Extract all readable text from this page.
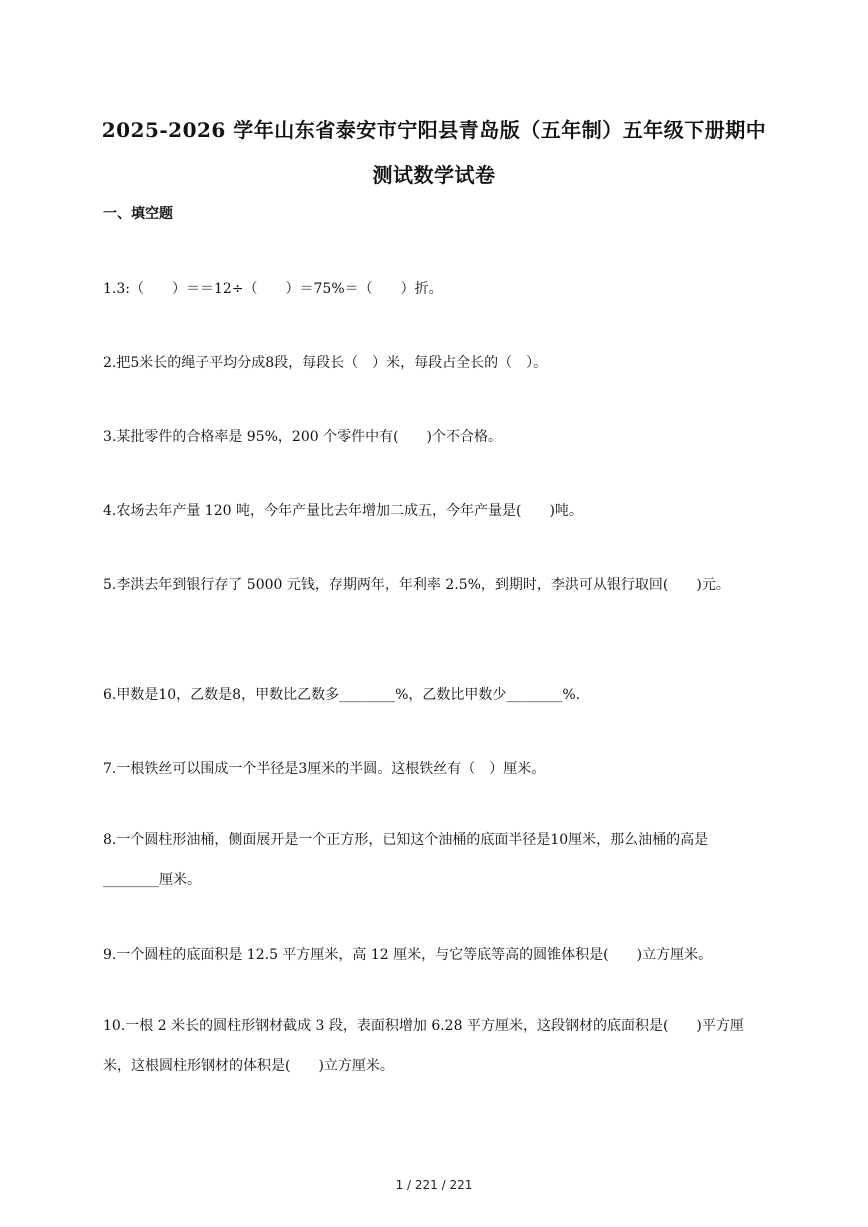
2025-2026 学年山东省泰安市宁阳县青岛版（五年制）五年级下册期中
测试数学试卷
一、填空题
1.3:（　　）＝＝12÷（　　）＝75%＝（　　）折。
2.把5米长的绳子平均分成8段，每段长（　）米，每段占全长的（　）。
3.某批零件的合格率是 95%，200 个零件中有(　　)个不合格。
4.农场去年产量 120 吨，今年产量比去年增加二成五，今年产量是(　　)吨。
5.李洪去年到银行存了 5000 元钱，存期两年，年利率 2.5%，到期时，李洪可从银行取回(　　)元。
6.甲数是10，乙数是8，甲数比乙数多________%，乙数比甲数少________%.
7.一根铁丝可以围成一个半径是3厘米的半圆。这根铁丝有（　）厘米。
8.一个圆柱形油桶，侧面展开是一个正方形，已知这个油桶的底面半径是10厘米，那么油桶的高是________厘米。
9.一个圆柱的底面积是 12.5 平方厘米，高 12 厘米，与它等底等高的圆锥体积是(　　)立方厘米。
10.一根 2 米长的圆柱形钢材截成 3 段，表面积增加 6.28 平方厘米，这段钢材的底面积是(　　)平方厘米，这根圆柱形钢材的体积是(　　)立方厘米。
1 / 221 / 221
